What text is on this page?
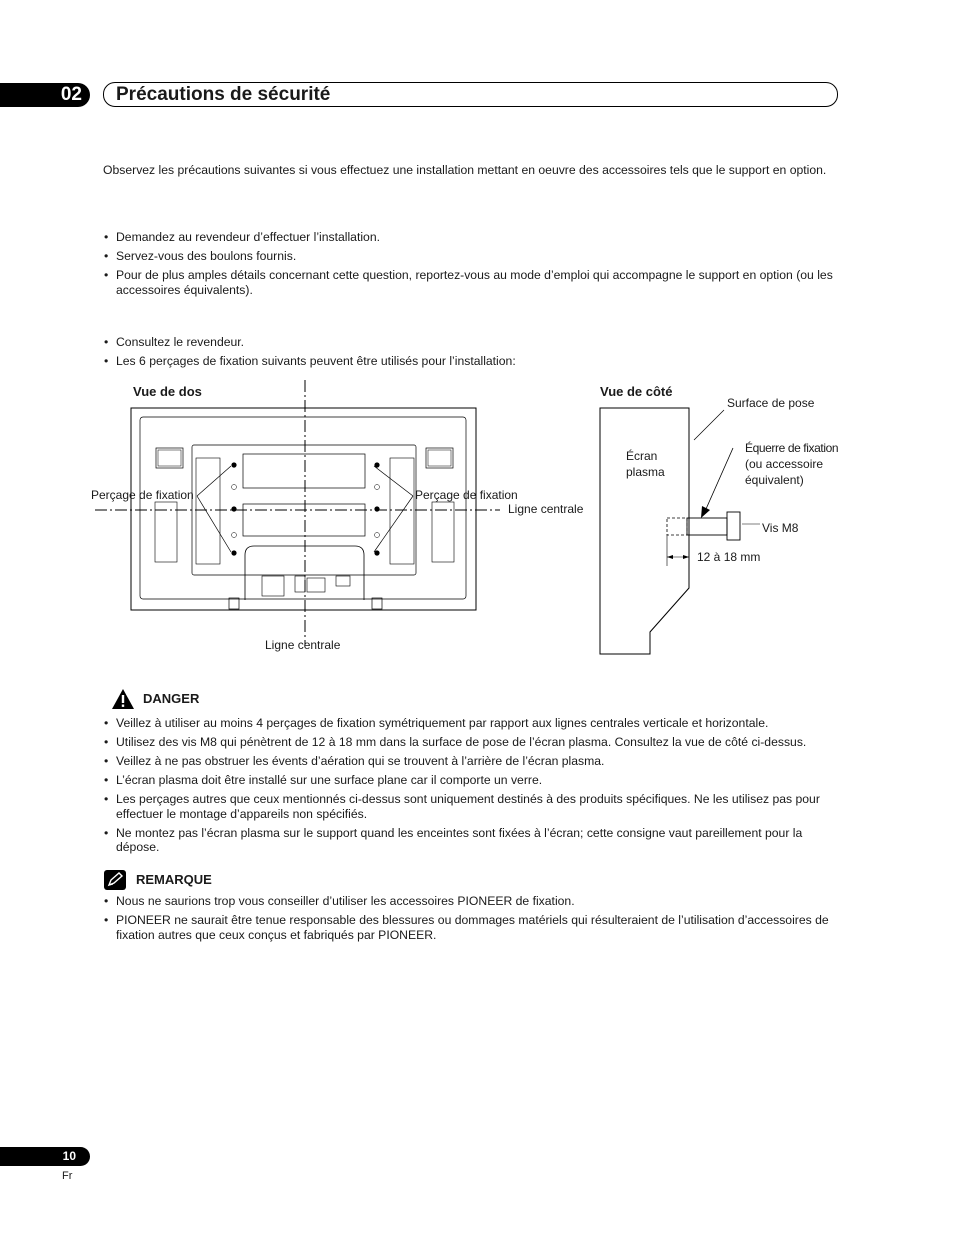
02	Précautions de sécurité
Observez les précautions suivantes si vous effectuez une installation mettant en oeuvre des accessoires tels que le support en option.
• Demandez au revendeur d’effectuer l’installation.
• Servez-vous des boulons fournis.
• Pour de plus amples détails concernant cette question, reportez-vous au mode d’emploi qui accompagne le support en option (ou les accessoires équivalents).
• Consultez le revendeur.
• Les 6 perçages de fixation suivants peuvent être utilisés pour l’installation:
Vue de dos	Vue de côté
Perçage de fixation	Perçage de fixation
Ligne centrale
Ligne centrale
Surface de pose
Écran
plasma
Équerre de fixation
(ou accessoire
équivalent)
Vis M8
12 à 18 mm
DANGER
• Veillez à utiliser au moins 4 perçages de fixation symétriquement par rapport aux lignes centrales verticale et horizontale.
• Utilisez des vis M8 qui pénètrent de 12 à 18 mm dans la surface de pose de l’écran plasma. Consultez la vue de côté ci-dessus.
• Veillez à ne pas obstruer les évents d’aération qui se trouvent à l’arrière de l’écran plasma.
• L’écran plasma doit être installé sur une surface plane car il comporte un verre.
• Les perçages autres que ceux mentionnés ci-dessus sont uniquement destinés à des produits spécifiques. Ne les utilisez pas pour effectuer le montage d’appareils non spécifiés.
• Ne montez pas l’écran plasma sur le support quand les enceintes sont fixées à l’écran; cette consigne vaut pareillement pour la dépose.
REMARQUE
• Nous ne saurions trop vous conseiller d’utiliser les accessoires PIONEER de fixation.
• PIONEER ne saurait être tenue responsable des blessures ou dommages matériels qui résulteraient de l’utilisation d’accessoires de fixation autres que ceux conçus et fabriqués par PIONEER.
10
Fr
